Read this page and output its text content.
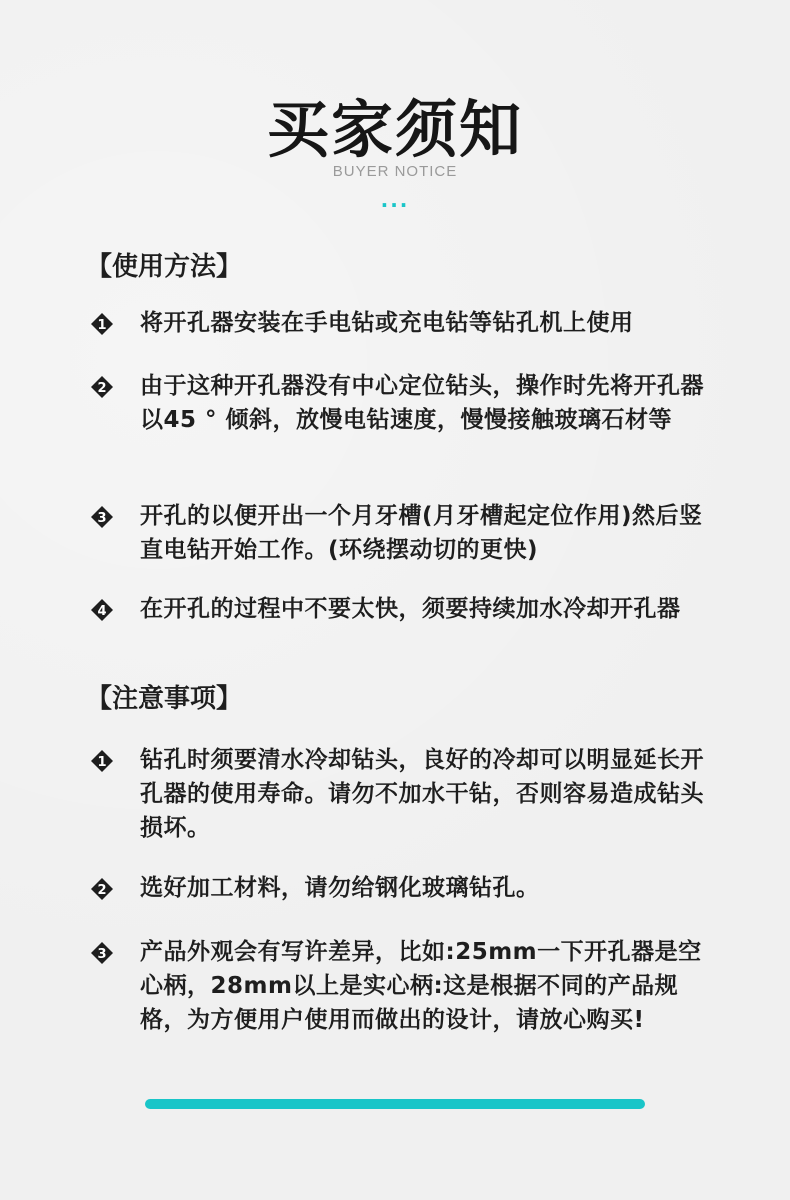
买家须知
BUYER NOTICE
...
【使用方法】
1 将开孔器安装在手电钻或充电钻等钻孔机上使用
2 由于这种开孔器没有中心定位钻头，操作时先将开孔器以45 ° 倾斜，放慢电钻速度，慢慢接触玻璃石材等
3 开孔的以便开出一个月牙槽(月牙槽起定位作用)然后竖直电钻开始工作。(环绕摆动切的更快)
4 在开孔的过程中不要太快，须要持续加水冷却开孔器
【注意事项】
1 钻孔时须要清水冷却钻头，良好的冷却可以明显延长开孔器的使用寿命。请勿不加水干钻，否则容易造成钻头损坏。
2 选好加工材料，请勿给钢化玻璃钻孔。
3 产品外观会有写许差异，比如:25mm一下开孔器是空心柄，28mm以上是实心柄:这是根据不同的产品规格，为方便用户使用而做出的设计，请放心购买!
